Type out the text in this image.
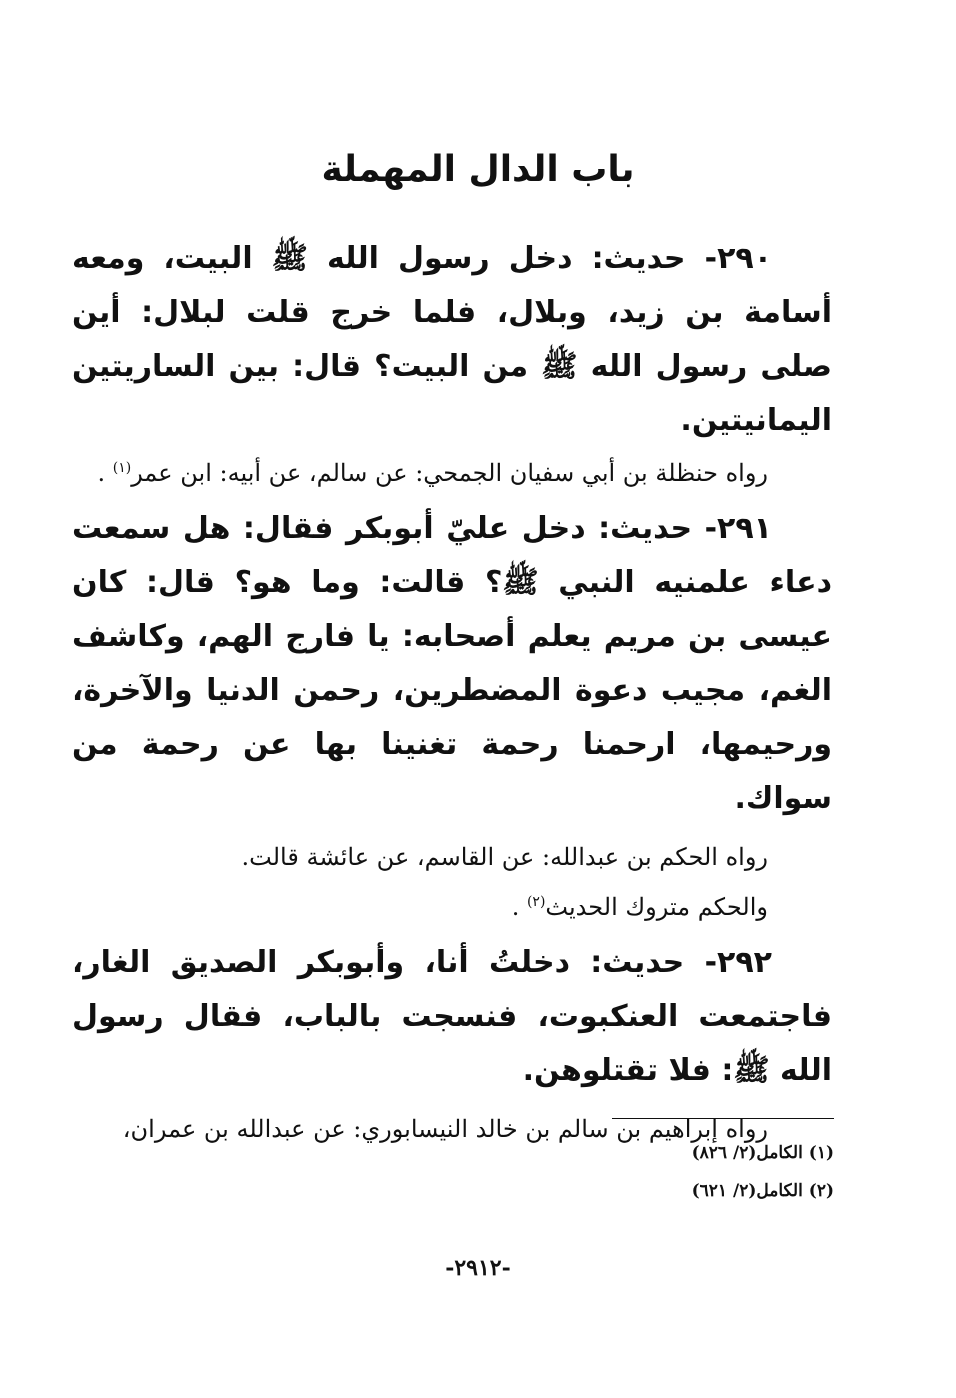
باب الدال المهملة

٢٩٠- حديث: دخل رسول الله ﷺ البيت، ومعه أسامة بن زيد، وبلال، فلما خرج قلت لبلال: أين صلى رسول الله ﷺ من البيت؟ قال: بين الساريتين اليمانيتين.

رواه حنظلة بن أبي سفيان الجمحي: عن سالم، عن أبيه: ابن عمر$^{(١)}$ .

٢٩١- حديث: دخل عليّ أبوبكر فقال: هل سمعت دعاء علمنيه النبي ﷺ؟ قالت: وما هو؟ قال: كان عيسى بن مريم يعلم أصحابه: يا فارج الهم، وكاشف الغم، مجيب دعوة المضطرين، رحمن الدنيا والآخرة، ورحيمها، ارحمنا رحمة تغنينا بها عن رحمة من سواك.

رواه الحكم بن عبدالله: عن القاسم، عن عائشة قالت.

والحكم متروك الحديث$^{(٢)}$ .

٢٩٢- حديث: دخلتُ أنا، وأبوبكر الصديق الغار، فاجتمعت العنكبوت، فنسجت بالباب، فقال رسول الله ﷺ: فلا تقتلوهن.

رواه إبراهيم بن سالم بن خالد النيسابوري: عن عبدالله بن عمران،

(١) الكامل(٢/ ٨٢٦)
(٢) الكامل(٢/ ٦٢١)
-٢٩١٢-
